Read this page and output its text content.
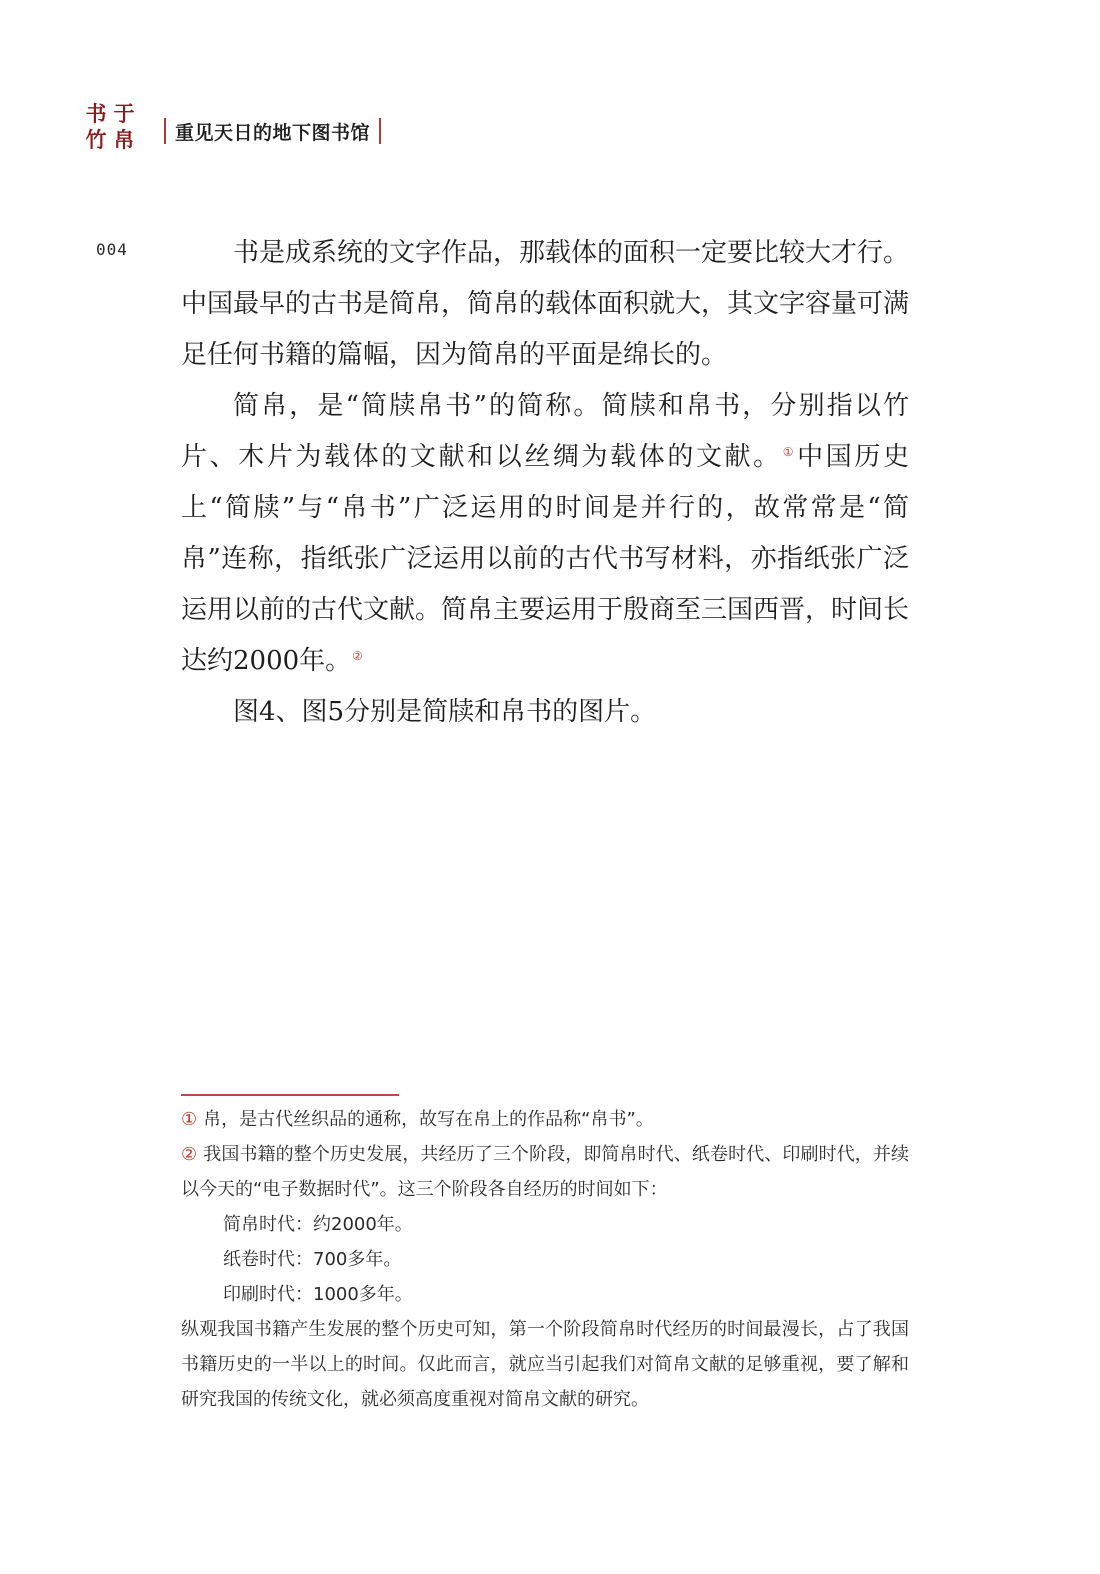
书 于
竹 帛 重见天日的地下图书馆
004	书是成系统的文字作品，那载体的面积一定要比较大才行。中国最早的古书是简帛，简帛的载体面积就大，其文字容量可满足任何书籍的篇幅，因为简帛的平面是绵长的。

简帛，是“简牍帛书”的简称。简牍和帛书，分别指以竹片、木片为载体的文献和以丝绸为载体的文献。①中国历史上“简牍”与“帛书”广泛运用的时间是并行的，故常常是“简帛”连称，指纸张广泛运用以前的古代书写材料，亦指纸张广泛运用以前的古代文献。简帛主要运用于殷商至三国西晋，时间长达约2000年。②

图4、图5分别是简牍和帛书的图片。

① 帛，是古代丝织品的通称，故写在帛上的作品称“帛书”。

② 我国书籍的整个历史发展，共经历了三个阶段，即简帛时代、纸卷时代、印刷时代，并续以今天的“电子数据时代”。这三个阶段各自经历的时间如下：

简帛时代：约2000年。

纸卷时代：700多年。

印刷时代：1000多年。

纵观我国书籍产生发展的整个历史可知，第一个阶段简帛时代经历的时间最漫长，占了我国书籍历史的一半以上的时间。仅此而言，就应当引起我们对简帛文献的足够重视，要了解和研究我国的传统文化，就必须高度重视对简帛文献的研究。
